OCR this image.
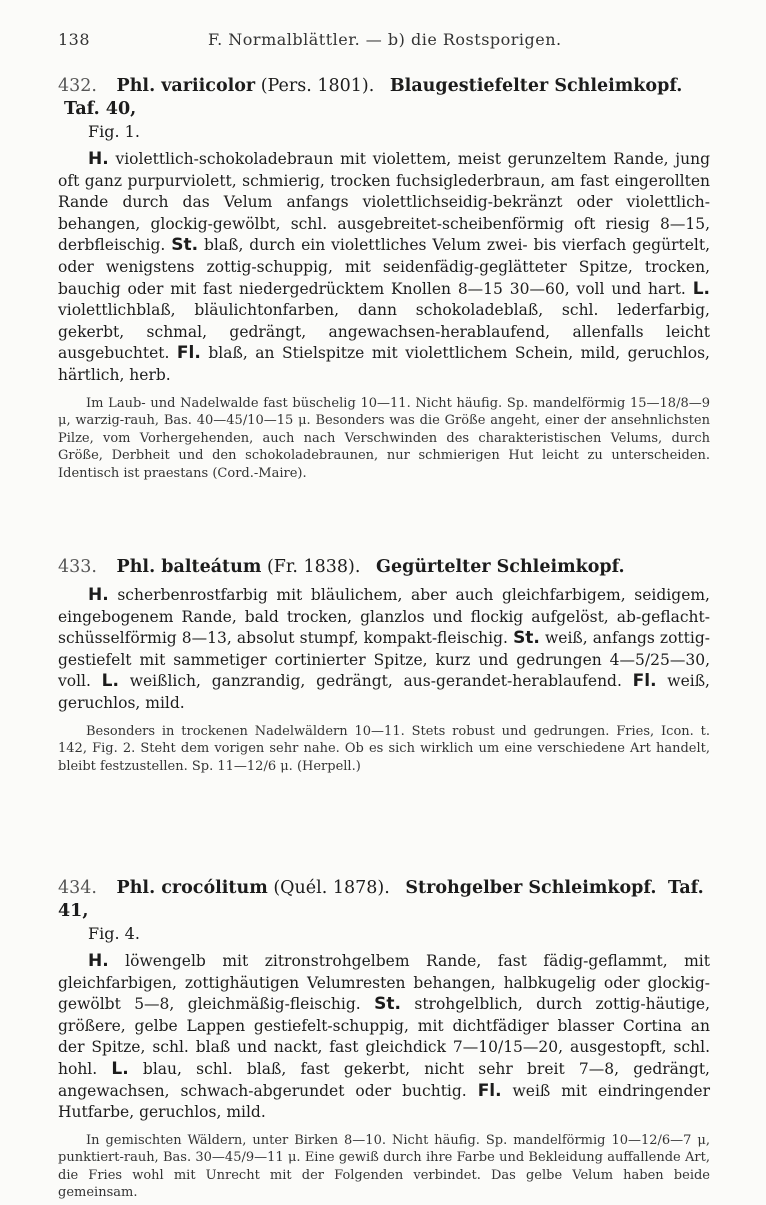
138	F. Normalblättler. — b) die Rostsporigen.

432. Phl. variicolor (Pers. 1801). Blaugestiefelter Schleimkopf. Taf. 40,

Fig. 1.

H. violettlich-schokoladebraun mit violettem, meist gerunzeltem Rande, jung oft ganz purpurviolett, schmierig, trocken fuchsiglederbraun, am fast eingerollten Rande durch das Velum anfangs violettlichseidig-bekränzt oder violettlich-behangen, glockig-gewölbt, schl. ausgebreitet-scheibenförmig oft riesig 8—15, derbfleischig. St. blaß, durch ein violettliches Velum zwei- bis vierfach gegürtelt, oder wenigstens zottig-schuppig, mit seidenfädig-geglätteter Spitze, trocken, bauchig oder mit fast niedergedrücktem Knollen 8—15 30—60, voll und hart. L. violettlichblaß, bläulichtonfarben, dann schokoladeblaß, schl. lederfarbig, gekerbt, schmal, gedrängt, angewachsen-herablaufend, allenfalls leicht ausgebuchtet. Fl. blaß, an Stielspitze mit violettlichem Schein, mild, geruchlos, härtlich, herb.

Im Laub- und Nadelwalde fast büschelig 10—11. Nicht häufig. Sp. mandelförmig 15—18/8—9 μ, warzig-rauh, Bas. 40—45/10—15 μ. Besonders was die Größe angeht, einer der ansehnlichsten Pilze, vom Vorhergehenden, auch nach Verschwinden des charakteristischen Velums, durch Größe, Derbheit und den schokoladebraunen, nur schmierigen Hut leicht zu unterscheiden. Identisch ist praestans (Cord.-Maire).

433. Phl. balteátum (Fr. 1838). Gegürtelter Schleimkopf.

H. scherbenrostfarbig mit bläulichem, aber auch gleichfarbigem, seidigem, eingebogenem Rande, bald trocken, glanzlos und flockig aufgelöst, ab-geflacht-schüsselförmig 8—13, absolut stumpf, kompakt-fleischig. St. weiß, anfangs zottig-gestiefelt mit sammetiger cortinierter Spitze, kurz und gedrungen 4—5/25—30, voll. L. weißlich, ganzrandig, gedrängt, aus-gerandet-herablaufend. Fl. weiß, geruchlos, mild.

Besonders in trockenen Nadelwäldern 10—11. Stets robust und gedrungen. Fries, Icon. t. 142, Fig. 2. Steht dem vorigen sehr nahe. Ob es sich wirklich um eine verschiedene Art handelt, bleibt festzustellen. Sp. 11—12/6 μ. (Herpell.)

434. Phl. crocólitum (Quél. 1878). Strohgelber Schleimkopf. Taf. 41,

Fig. 4.

H. löwengelb mit zitronstrohgelbem Rande, fast fädig-geflammt, mit gleichfarbigen, zottighäutigen Velumresten behangen, halbkugelig oder glockig-gewölbt 5—8, gleichmäßig-fleischig. St. strohgelblich, durch zottig-häutige, größere, gelbe Lappen gestiefelt-schuppig, mit dichtfädiger blasser Cortina an der Spitze, schl. blaß und nackt, fast gleichdick 7—10/15—20, ausgestopft, schl. hohl. L. blau, schl. blaß, fast gekerbt, nicht sehr breit 7—8, gedrängt, angewachsen, schwach-abgerundet oder buchtig. Fl. weiß mit eindringender Hutfarbe, geruchlos, mild.

In gemischten Wäldern, unter Birken 8—10. Nicht häufig. Sp. mandelförmig 10—12/6—7 μ, punktiert-rauh, Bas. 30—45/9—11 μ. Eine gewiß durch ihre Farbe und Bekleidung auffallende Art, die Fries wohl mit Unrecht mit der Folgenden verbindet. Das gelbe Velum haben beide gemeinsam.
